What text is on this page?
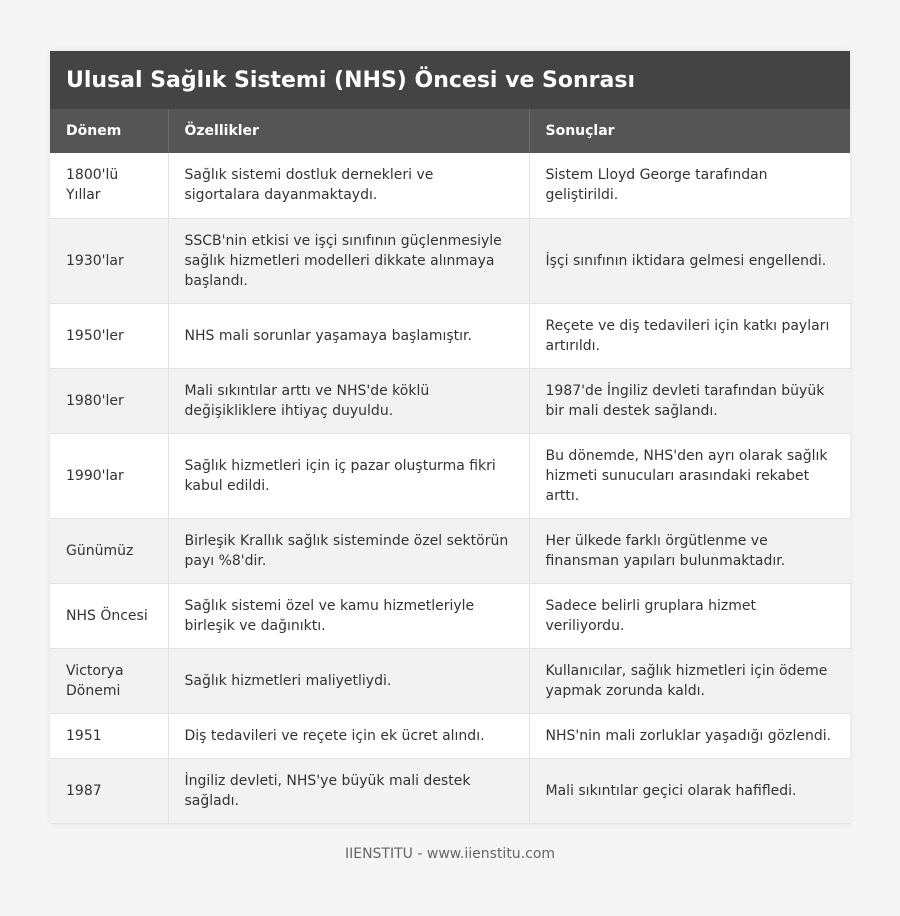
Ulusal Sağlık Sistemi (NHS) Öncesi ve Sonrası
Dönem	Özellikler	Sonuçlar
1800'lü Yıllar	Sağlık sistemi dostluk dernekleri ve sigortalara dayanmaktaydı.	Sistem Lloyd George tarafından geliştirildi.
1930'lar	SSCB'nin etkisi ve işçi sınıfının güçlenmesiyle sağlık hizmetleri modelleri dikkate alınmaya başlandı.	İşçi sınıfının iktidara gelmesi engellendi.
1950'ler	NHS mali sorunlar yaşamaya başlamıştır.	Reçete ve diş tedavileri için katkı payları artırıldı.
1980'ler	Mali sıkıntılar arttı ve NHS'de köklü değişikliklere ihtiyaç duyuldu.	1987'de İngiliz devleti tarafından büyük bir mali destek sağlandı.
1990'lar	Sağlık hizmetleri için iç pazar oluşturma fikri kabul edildi.	Bu dönemde, NHS'den ayrı olarak sağlık hizmeti sunucuları arasındaki rekabet arttı.
Günümüz	Birleşik Krallık sağlık sisteminde özel sektörün payı %8'dir.	Her ülkede farklı örgütlenme ve finansman yapıları bulunmaktadır.
NHS Öncesi	Sağlık sistemi özel ve kamu hizmetleriyle birleşik ve dağınıktı.	Sadece belirli gruplara hizmet veriliyordu.
Victorya Dönemi	Sağlık hizmetleri maliyetliydi.	Kullanıcılar, sağlık hizmetleri için ödeme yapmak zorunda kaldı.
1951	Diş tedavileri ve reçete için ek ücret alındı.	NHS'nin mali zorluklar yaşadığı gözlendi.
1987	İngiliz devleti, NHS'ye büyük mali destek sağladı.	Mali sıkıntılar geçici olarak hafifledi.
IIENSTITU - www.iienstitu.com
